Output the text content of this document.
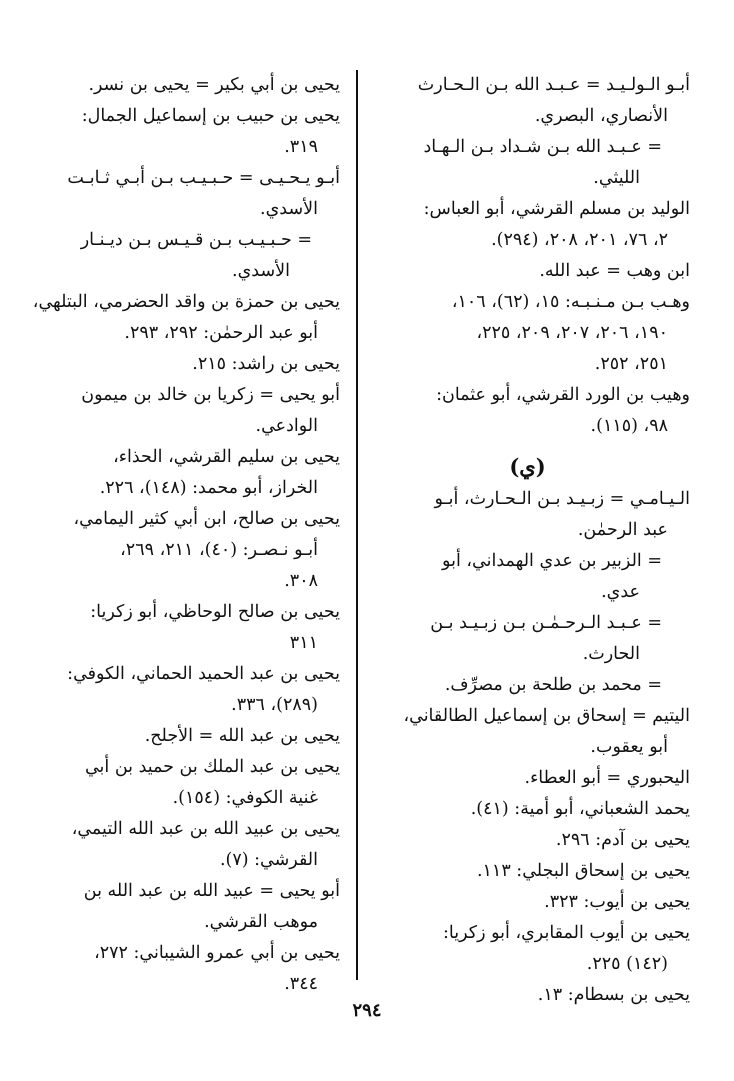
أبـو الـولـيـد = عـبـد الله بـن الـحـارث
الأنصاري، البصري.
= عـبـد الله بـن شـداد بـن الـهـاد
الليثي.
الوليد بن مسلم القرشي، أبو العباس:
٢، ٧٦، ٢٠١، ٢٠٨، (٢٩٤).
ابن وهب = عبد الله.
وهـب بـن مـنـبـه: ١٥، (٦٢)، ١٠٦،
١٩٠، ٢٠٦، ٢٠٧، ٢٠٩، ٢٢٥،
٢٥١، ٢٥٢.
وهيب بن الورد القرشي، أبو عثمان:
٩٨، (١١٥).
(ي)
الـيـامـي = زبـيـد بـن الـحـارث، أبـو
عبد الرحمٰن.
= الزبير بن عدي الهمداني، أبو
عدي.
= عـبـد الـرحـمٰـن بـن زبـيـد بـن
الحارث.
= محمد بن طلحة بن مصرِّف.
اليتيم = إسحاق بن إسماعيل الطالقاني،
أبو يعقوب.
اليحبوري = أبو العطاء.
يحمد الشعباني، أبو أمية: (٤١).
يحيى بن آدم: ٢٩٦.
يحيى بن إسحاق البجلي: ١١٣.
يحيى بن أيوب: ٣٢٣.
يحيى بن أيوب المقابري، أبو زكريا:
(١٤٢) ٢٢٥.
يحيى بن بسطام: ١٣.
يحيى بن أبي بكير = يحيى بن نسر.
يحيى بن حبيب بن إسماعيل الجمال:
٣١٩.
أبـو يـحـيـى = حـبـيـب بـن أبـي ثـابـت
الأسدي.
= حـبـيـب بـن قـيـس بـن ديـنـار
الأسدي.
يحيى بن حمزة بن واقد الحضرمي، البتلهي،
أبو عبد الرحمٰن: ٢٩٢، ٢٩٣.
يحيى بن راشد: ٢١٥.
أبو يحيى = زكريا بن خالد بن ميمون
الوادعي.
يحيى بن سليم القرشي، الحذاء،
الخراز، أبو محمد: (١٤٨)، ٢٢٦.
يحيى بن صالح، ابن أبي كثير اليمامي،
أبـو نـصـر: (٤٠)، ٢١١، ٢٦٩،
٣٠٨.
يحيى بن صالح الوحاظي، أبو زكريا:
٣١١
يحيى بن عبد الحميد الحماني، الكوفي:
(٢٨٩)، ٣٣٦.
يحيى بن عبد الله = الأجلح.
يحيى بن عبد الملك بن حميد بن أبي
غنية الكوفي: (١٥٤).
يحيى بن عبيد الله بن عبد الله التيمي،
القرشي: (٧).
أبو يحيى = عبيد الله بن عبد الله بن
موهب القرشي.
يحيى بن أبي عمرو الشيباني: ٢٧٢،
٣٤٤.
٢٩٤
